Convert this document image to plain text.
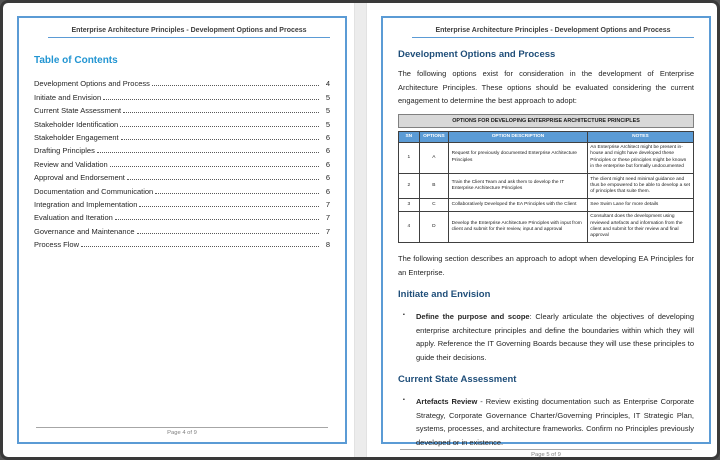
Enterprise Architecture Principles - Development Options and Process
Table of Contents
Development Options and Process	4
Initiate and Envision	5
Current State Assessment	5
Stakeholder Identification	5
Stakeholder Engagement	6
Drafting Principles	6
Review and Validation	6
Approval and Endorsement	6
Documentation and Communication	6
Integration and Implementation	7
Evaluation and Iteration	7
Governance and Maintenance	7
Process Flow	8
Page 4 of 9
Enterprise Architecture Principles - Development Options and Process
Development Options and Process
The following options exist for consideration in the development of Enterprise Architecture Principles. These options should be evaluated considering the current engagement to determine the best approach to adopt:
OPTIONS FOR DEVELOPING ENTERPRISE ARCHITECTURE PRINCIPLES
SN	OPTIONS	OPTION DESCRIPTION	NOTES
1	A	Request for previously documented Enterprise Architecture Principles	An Enterprise Architect might be present in-house and might have developed these Principles or these principles might be known in the enterprise but formally undocumented
2	B	Train the Client Team and ask them to develop the IT Enterprise Architecture Principles	The client might need minimal guidance and thus be empowered to be able to develop a set of principles that suite them.
3	C	Collaboratively Developed the EA Principles with the Client	See Swim Lane for more details
4	D	Develop the Enterprise Architecture Principles with input from client and submit for their review, input and approval	Consultant does the development using reviewed artefacts and information from the client and submit for their review and final approval
The following section describes an approach to adopt when developing EA Principles for an Enterprise.
Initiate and Envision
▪	Define the purpose and scope: Clearly articulate the objectives of developing enterprise architecture principles and define the boundaries within which they will apply. Reference the IT Governing Boards because they will use these principles to guide their decisions.
Current State Assessment
▪	Artefacts Review - Review existing documentation such as Enterprise Corporate Strategy, Corporate Governance Charter/Governing Principles, IT Strategic Plan, systems, processes, and architecture frameworks. Confirm no Principles previously developed or in existence.
Page 5 of 9
